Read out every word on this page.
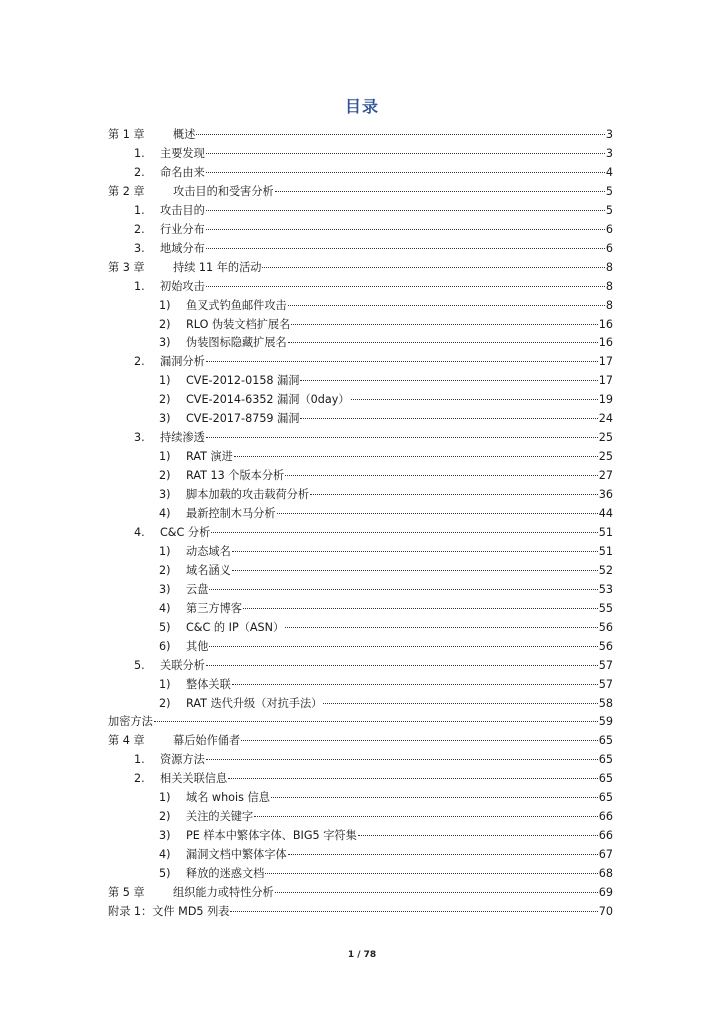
目录
第 1 章	概述	3
1.	主要发现	3
2.	命名由来	4
第 2 章	攻击目的和受害分析	5
1.	攻击目的	5
2.	行业分布	6
3.	地域分布	6
第 3 章	持续 11 年的活动	8
1.	初始攻击	8
1)	鱼叉式钓鱼邮件攻击	8
2)	RLO 伪装文档扩展名	16
3)	伪装图标隐藏扩展名	16
2.	漏洞分析	17
1)	CVE-2012-0158 漏洞	17
2)	CVE-2014-6352 漏洞（0day）	19
3)	CVE-2017-8759 漏洞	24
3.	持续渗透	25
1)	RAT 演进	25
2)	RAT 13 个版本分析	27
3)	脚本加载的攻击载荷分析	36
4)	最新控制木马分析	44
4.	C&C 分析	51
1)	动态域名	51
2)	域名涵义	52
3)	云盘	53
4)	第三方博客	55
5)	C&C 的 IP（ASN）	56
6)	其他	56
5.	关联分析	57
1)	整体关联	57
2)	RAT 迭代升级（对抗手法）	58
加密方法	59
第 4 章	幕后始作俑者	65
1.	资源方法	65
2.	相关关联信息	65
1)	域名 whois 信息	65
2)	关注的关键字	66
3)	PE 样本中繁体字体、BIG5 字符集	66
4)	漏洞文档中繁体字体	67
5)	释放的迷惑文档	68
第 5 章	组织能力或特性分析	69
附录 1：文件 MD5 列表	70
1 / 78
